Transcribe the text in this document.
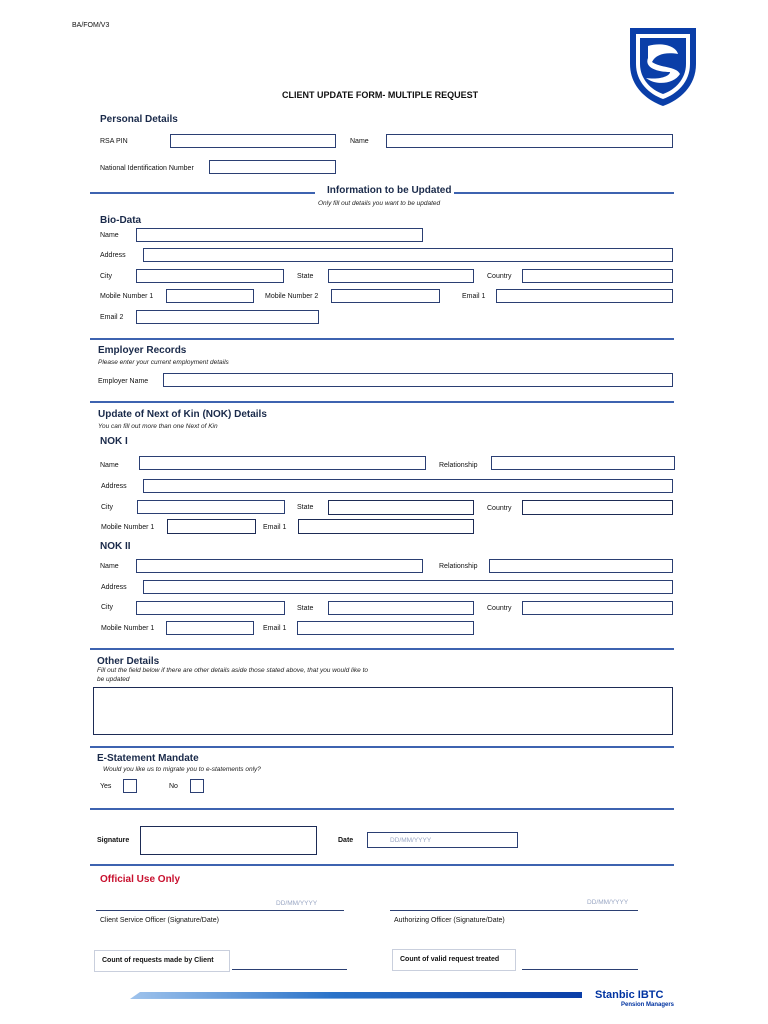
BA/FOM/V3
CLIENT UPDATE FORM- MULTIPLE REQUEST
Personal Details
RSA PIN	Name
National Identification Number
Information to be Updated
Only fill out details you want to be updated
Bio-Data
Name
Address
City	State	Country
Mobile Number 1	Mobile Number 2	Email 1
Email 2
Employer Records
Please enter your current employment details
Employer Name
Update of Next of Kin (NOK) Details
You can fill out more than one Next of Kin
NOK I
Name	Relationship
Address
City	State	Country
Mobile Number 1	Email 1
NOK II
Name	Relationship
Address
City	State	Country
Mobile Number 1	Email 1
Other Details
Fill out the field below if there are other details aside those stated above, that you would like to
be updated
E-Statement Mandate
Would you like us to migrate you to e-statements only?
Yes	No
Signature	Date	DD/MM/YYYY
Official Use Only
DD/MM/YYYY
Client Service Officer (Signature/Date)
DD/MM/YYYY
Authorizing Officer (Signature/Date)
Count of requests made by Client	Count of valid request treated
Stanbic IBTC
Pension Managers
